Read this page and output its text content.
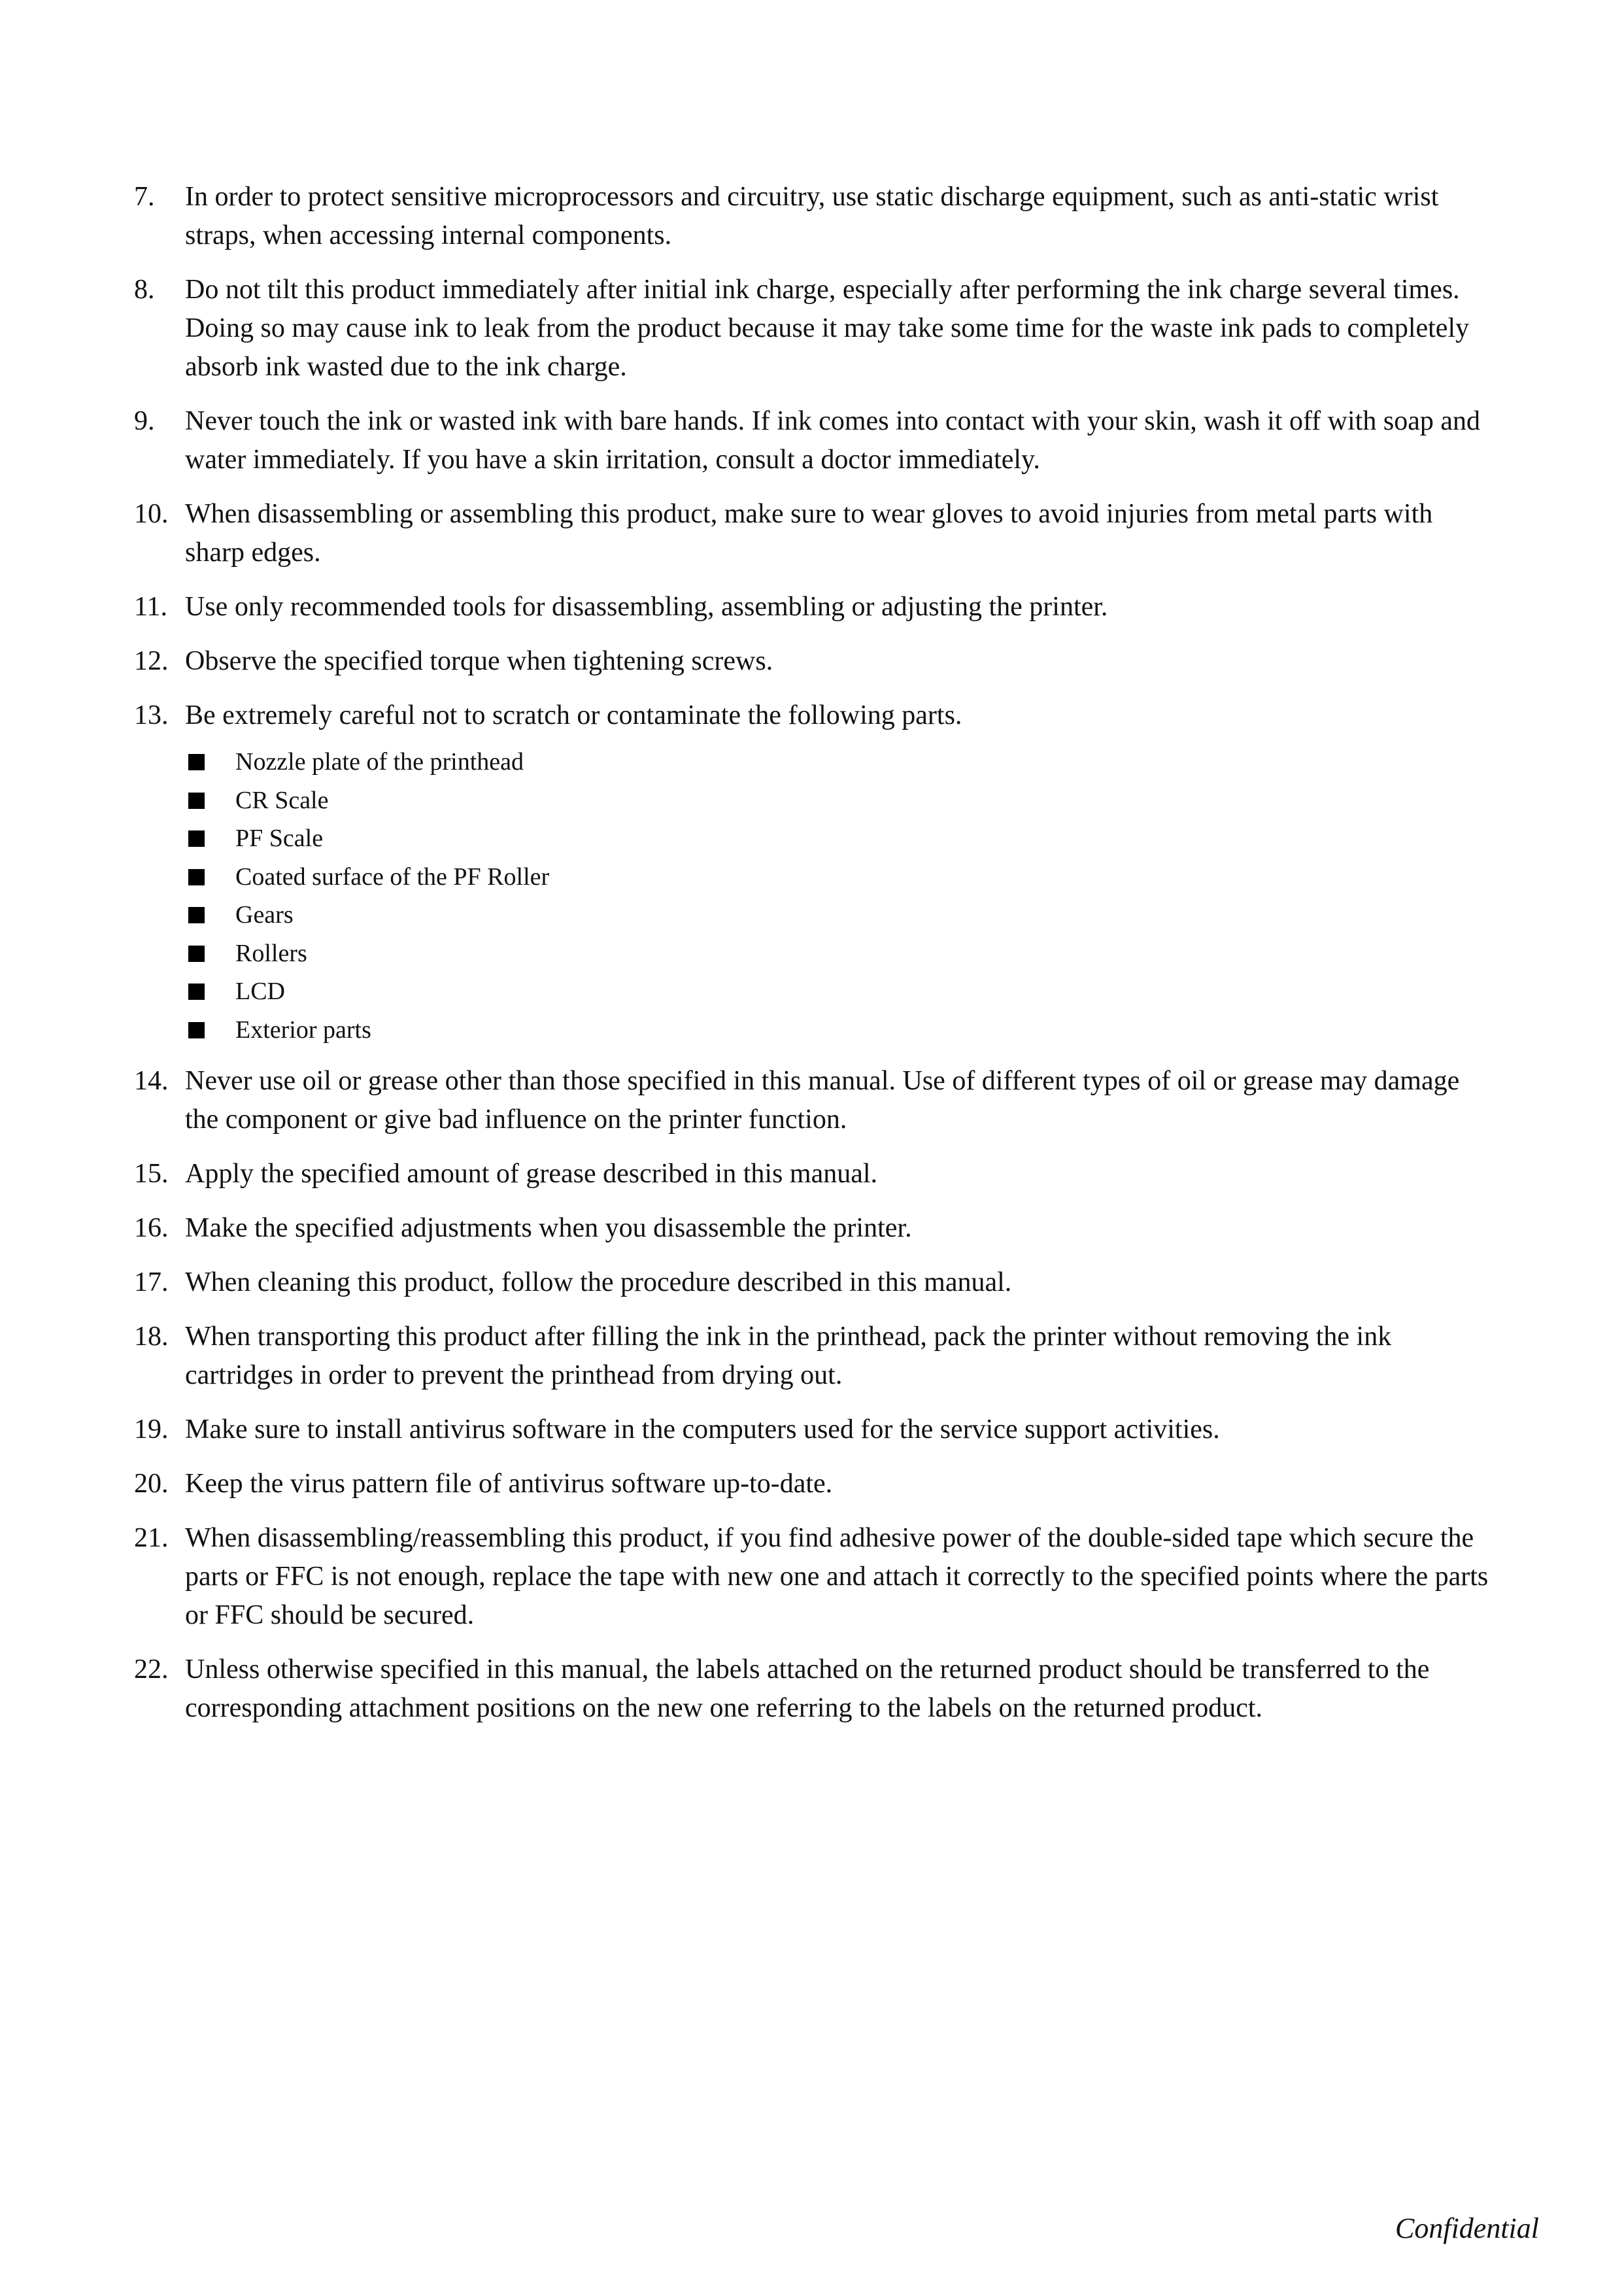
7. In order to protect sensitive microprocessors and circuitry, use static discharge equipment, such as anti-static wrist straps, when accessing internal components.
8. Do not tilt this product immediately after initial ink charge, especially after performing the ink charge several times. Doing so may cause ink to leak from the product because it may take some time for the waste ink pads to completely absorb ink wasted due to the ink charge.
9. Never touch the ink or wasted ink with bare hands. If ink comes into contact with your skin, wash it off with soap and water immediately. If you have a skin irritation, consult a doctor immediately.
10. When disassembling or assembling this product, make sure to wear gloves to avoid injuries from metal parts with sharp edges.
11. Use only recommended tools for disassembling, assembling or adjusting the printer.
12. Observe the specified torque when tightening screws.
13. Be extremely careful not to scratch or contaminate the following parts.
Nozzle plate of the printhead
CR Scale
PF Scale
Coated surface of the PF Roller
Gears
Rollers
LCD
Exterior parts
14. Never use oil or grease other than those specified in this manual. Use of different types of oil or grease may damage the component or give bad influence on the printer function.
15. Apply the specified amount of grease described in this manual.
16. Make the specified adjustments when you disassemble the printer.
17. When cleaning this product, follow the procedure described in this manual.
18. When transporting this product after filling the ink in the printhead, pack the printer without removing the ink cartridges in order to prevent the printhead from drying out.
19. Make sure to install antivirus software in the computers used for the service support activities.
20. Keep the virus pattern file of antivirus software up-to-date.
21. When disassembling/reassembling this product, if you find adhesive power of the double-sided tape which secure the parts or FFC is not enough, replace the tape with new one and attach it correctly to the specified points where the parts or FFC should be secured.
22. Unless otherwise specified in this manual, the labels attached on the returned product should be transferred to the corresponding attachment positions on the new one referring to the labels on the returned product.
Confidential
